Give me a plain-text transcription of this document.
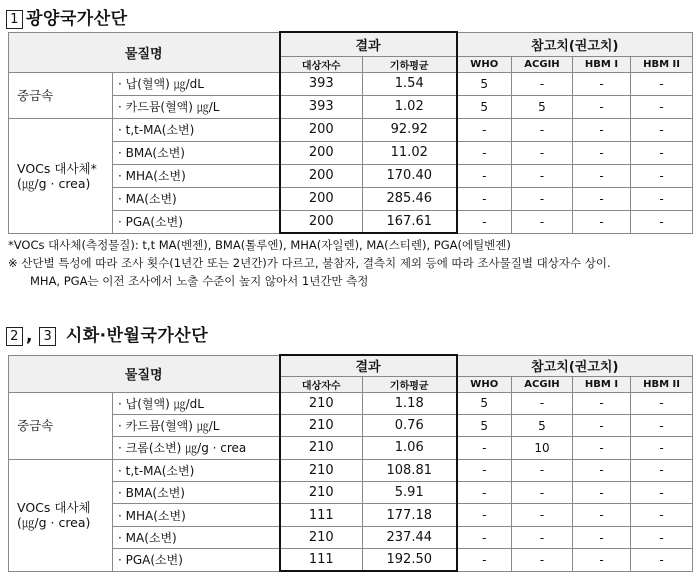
1 광양국가산단
물질명		결과		참고치(권고치)			
		대상자수	기하평균	WHO	ACGIH	HBM I	HBM II
중금속	· 납(혈액) ㎍/dL	393	1.54	5	-	-	-
	· 카드뮴(혈액) ㎍/L	393	1.02	5	5	-	-
VOCs 대사체* (㎍/g · crea)	· t,t-MA(소변)	200	92.92	-	-	-	-
	· BMA(소변)	200	11.02	-	-	-	-
	· MHA(소변)	200	170.40	-	-	-	-
	· MA(소변)	200	285.46	-	-	-	-
	· PGA(소변)	200	167.61	-	-	-	-
*VOCs 대사체(측정물질): t,t MA(벤젠), BMA(톨루엔), MHA(자일렌), MA(스티렌), PGA(에틸벤젠)
※ 산단별 특성에 따라 조사 횟수(1년간 또는 2년간)가 다르고, 불참자, 결측치 제외 등에 따라 조사물질별 대상자수 상이.
MHA, PGA는 이전 조사에서 노출 수준이 높지 않아서 1년간만 측정
2 , 3 시화·반월국가산단
물질명		결과		참고치(권고치)			
		대상자수	기하평균	WHO	ACGIH	HBM I	HBM II
중금속	· 납(혈액) ㎍/dL	210	1.18	5	-	-	-
	· 카드뮴(혈액) ㎍/L	210	0.76	5	5	-	-
	· 크롬(소변) ㎍/g · crea	210	1.06	-	10	-	-
VOCs 대사체 (㎍/g · crea)	· t,t-MA(소변)	210	108.81	-	-	-	-
	· BMA(소변)	210	5.91	-	-	-	-
	· MHA(소변)	111	177.18	-	-	-	-
	· MA(소변)	210	237.44	-	-	-	-
	· PGA(소변)	111	192.50	-	-	-	-
